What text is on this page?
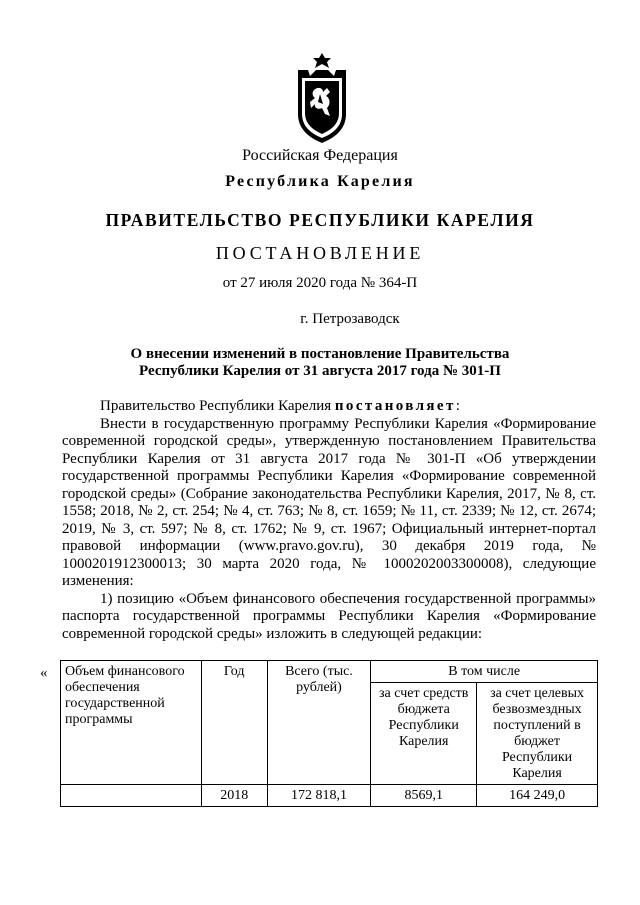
Российская Федерация
Республика Карелия
ПРАВИТЕЛЬСТВО РЕСПУБЛИКИ КАРЕЛИЯ
ПОСТАНОВЛЕНИЕ
от 27 июля 2020 года № 364-П
г. Петрозаводск
О внесении изменений в постановление Правительства
Республики Карелия от 31 августа 2017 года № 301-П

Правительство Республики Карелия постановляет:

Внести в государственную программу Республики Карелия «Формирование современной городской среды», утвержденную постановлением Правительства Республики Карелия от 31 августа 2017 года № 301-П «Об утверждении государственной программы Республики Карелия «Формирование современной городской среды» (Собрание законодательства Республики Карелия, 2017, № 8, ст. 1558; 2018, № 2, ст. 254; № 4, ст. 763; № 8, ст. 1659; № 11, ст. 2339; № 12, ст. 2674; 2019, № 3, ст. 597; № 8, ст. 1762; № 9, ст. 1967; Официальный интернет-портал правовой информации (www.pravo.gov.ru), 30 декабря 2019 года, № 1000201912300013; 30 марта 2020 года, № 1000202003300008), следующие изменения:

1) позицию «Объем финансового обеспечения государственной программы» паспорта государственной программы Республики Карелия «Формирование современной городской среды» изложить в следующей редакции:

« Объем финансового обеспечения государственной программы	Год	Всего (тыс. рублей)	В том числе	
			за счет средств бюджета Республики Карелия	за счет целевых безвозмездных поступлений в бюджет Республики Карелия
	2018	172 818,1	8569,1	164 249,0
